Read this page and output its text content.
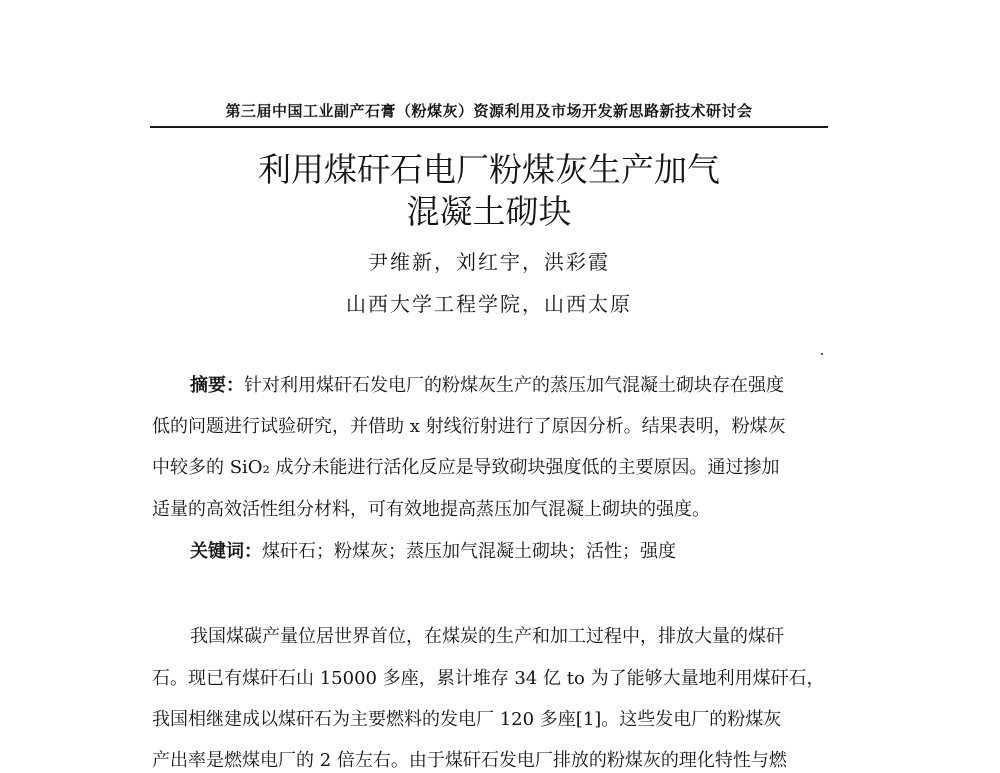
第三届中国工业副产石膏（粉煤灰）资源利用及市场开发新思路新技术研讨会
利用煤矸石电厂粉煤灰生产加气
混凝土砌块
尹维新，刘红宇，洪彩霞
山西大学工程学院，山西太原
摘要：针对利用煤矸石发电厂的粉煤灰生产的蒸压加气混凝土砌块存在强度
低的问题进行试验研究，并借助 x 射线衍射进行了原因分析。结果表明，粉煤灰
中较多的 SiO₂ 成分未能进行活化反应是导致砌块强度低的主要原因。通过掺加
适量的高效活性组分材料，可有效地提高蒸压加气混凝上砌块的强度。
关键词：煤矸石；粉煤灰；蒸压加气混凝土砌块；活性；强度
我国煤碳产量位居世界首位，在煤炭的生产和加工过程中，排放大量的煤矸
石。现已有煤矸石山 15000 多座，累计堆存 34 亿 to 为了能够大量地利用煤矸石，
我国相继建成以煤矸石为主要燃料的发电厂 120 多座[1]。这些发电厂的粉煤灰
产出率是燃煤电厂的 2 倍左右。由于煤矸石发电厂排放的粉煤灰的理化特性与燃
